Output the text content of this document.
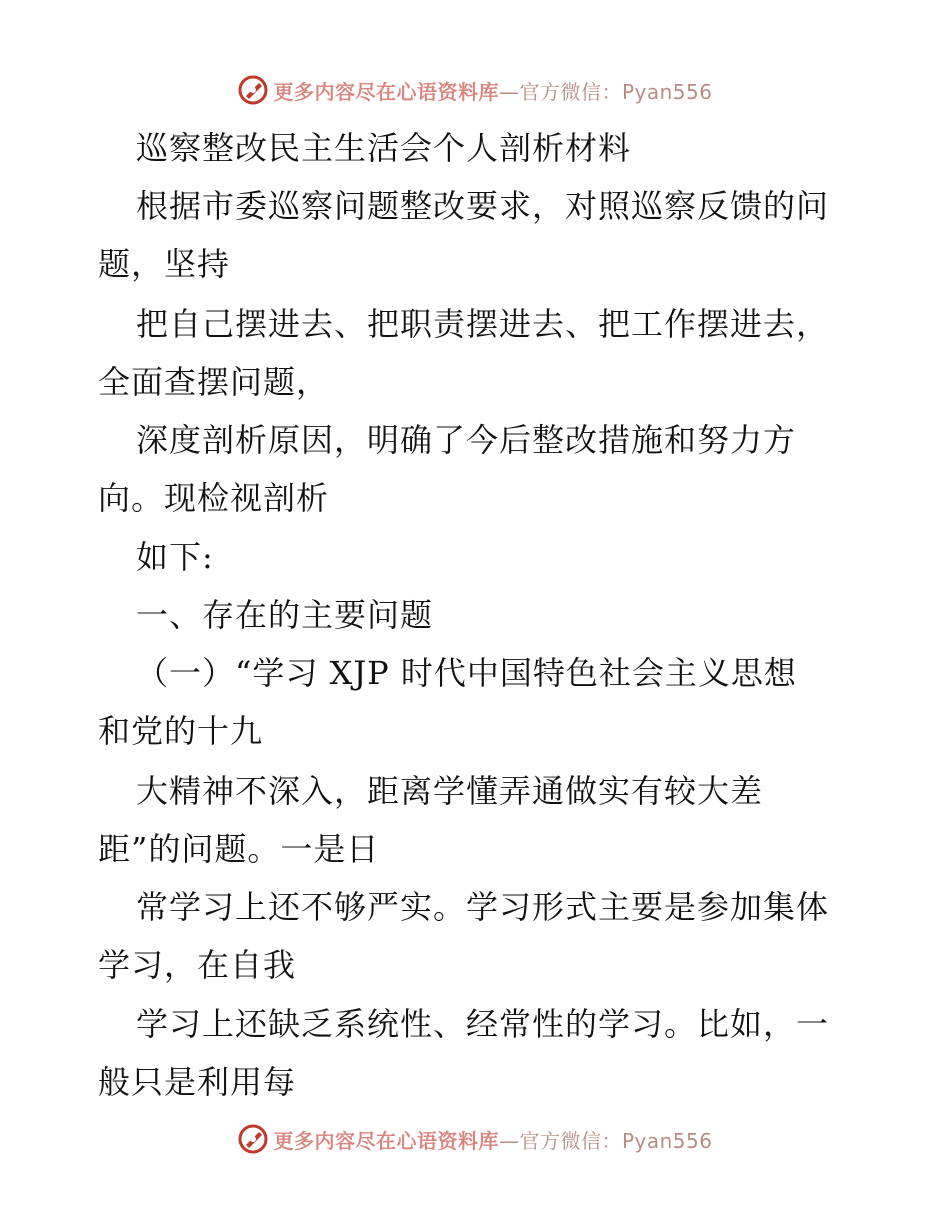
更多内容尽在心语资料库—官方微信：Pyan556
巡察整改民主生活会个人剖析材料
根据市委巡察问题整改要求，对照巡察反馈的问
题，坚持
把自己摆进去、把职责摆进去、把工作摆进去，
全面查摆问题，
深度剖析原因，明确了今后整改措施和努力方
向。现检视剖析
如下:
一、存在的主要问题
（一）“学习 XJP 时代中国特色社会主义思想
和党的十九
大精神不深入，距离学懂弄通做实有较大差
距”的问题。一是日
常学习上还不够严实。学习形式主要是参加集体
学习，在自我
学习上还缺乏系统性、经常性的学习。比如，一
般只是利用每
更多内容尽在心语资料库—官方微信：Pyan556
